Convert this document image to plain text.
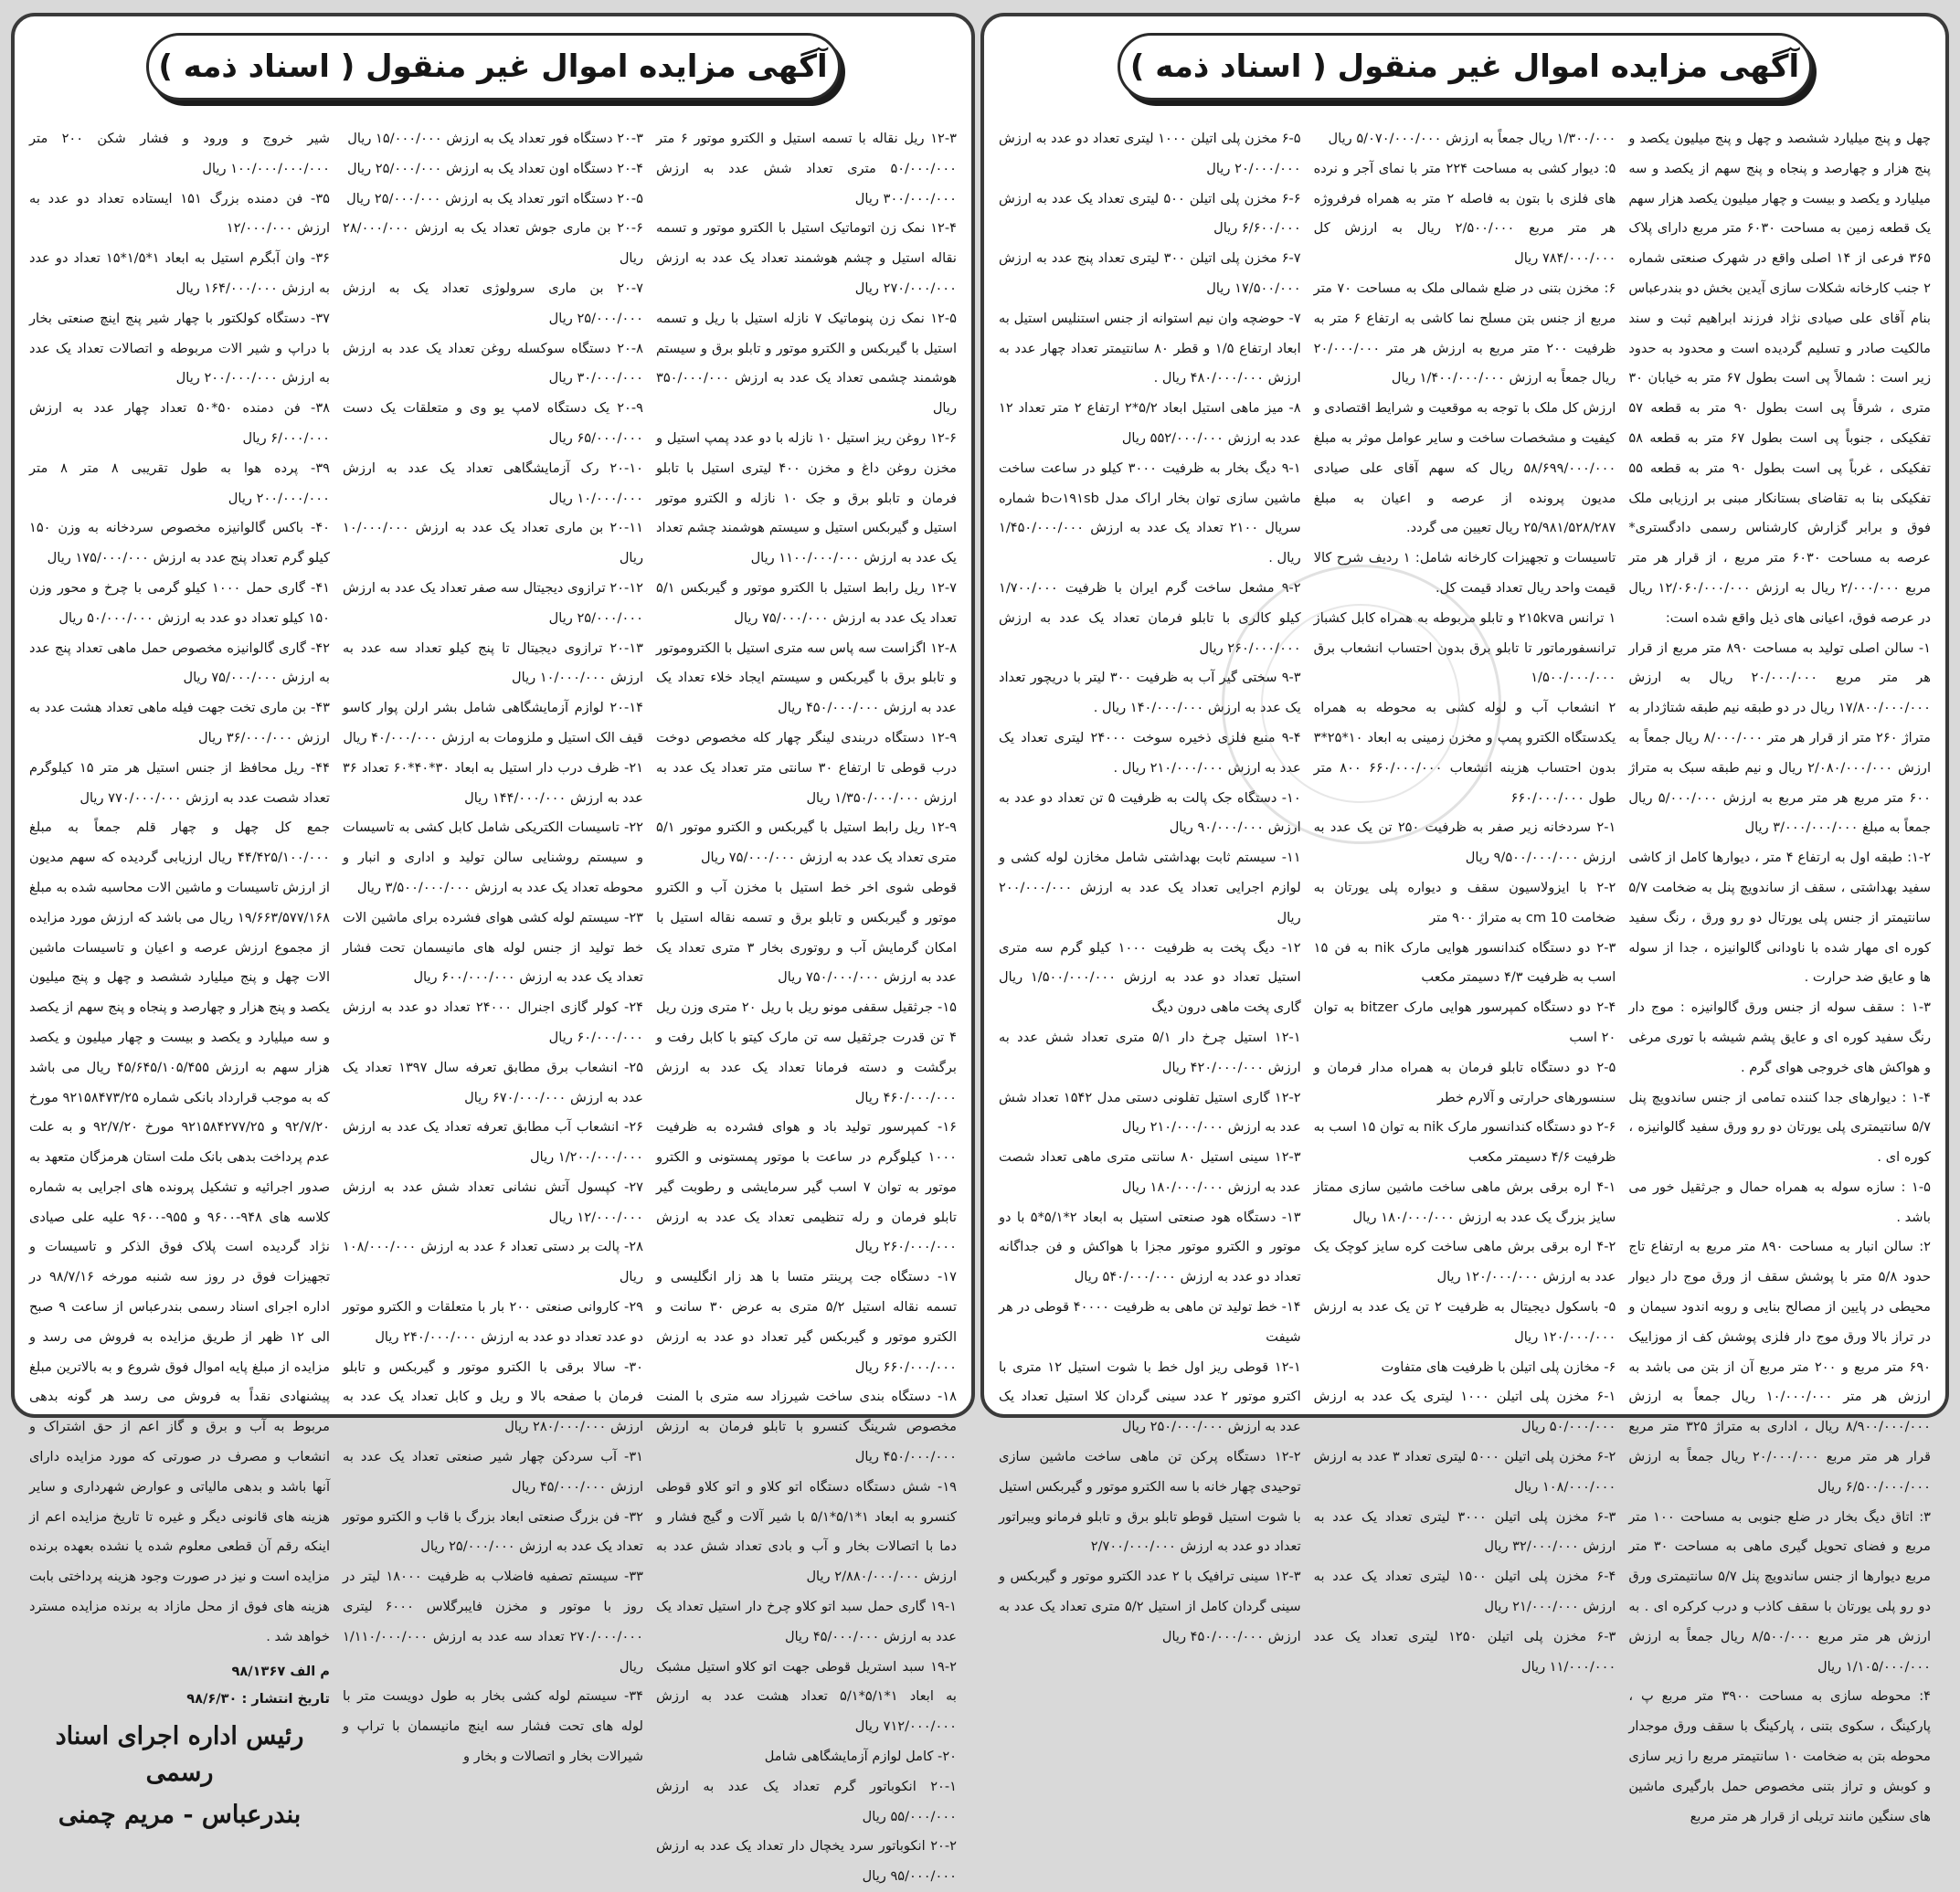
آگهی مزایده اموال غیر منقول ( اسناد ذمه )

چهل و پنج میلیارد ششصد و چهل و پنج میلیون یکصد و پنج هزار و چهارصد و پنجاه و پنج سهم از یکصد و سه میلیارد و یکصد و بیست و چهار میلیون یکصد هزار سهم یک قطعه زمین به مساحت ۶۰۳۰ متر مربع دارای پلاک ۳۶۵ فرعی از ۱۴ اصلی واقع در شهرک صنعتی شماره ۲ جنب کارخانه شکلات سازی آیدین بخش دو بندرعباس بنام آقای علی صیادی نژاد فرزند ابراهیم ثبت و سند مالکیت صادر و تسلیم گردیده است و محدود به حدود زیر است : شمالاً پی است بطول ۶۷ متر به خیابان ۳۰ متری ، شرقاً پی است بطول ۹۰ متر به قطعه ۵۷ تفکیکی ، جنوباً پی است بطول ۶۷ متر به قطعه ۵۸ تفکیکی ، غرباً پی است بطول ۹۰ متر به قطعه ۵۵ تفکیکی بنا به تقاضای بستانکار مبنی بر ارزیابی ملک فوق و برابر گزارش کارشناس رسمی دادگستری* عرصه به مساحت ۶۰۳۰ متر مربع ، از قرار هر متر مربع ۲/۰۰۰/۰۰۰ ریال به ارزش ۱۲/۰۶۰/۰۰۰/۰۰۰ ریال در عرصه فوق، اعیانی های ذیل واقع شده است:

۱- سالن اصلی تولید به مساحت ۸۹۰ متر مربع از قرار هر متر مربع ۲۰/۰۰۰/۰۰۰ ریال به ارزش ۱۷/۸۰۰/۰۰۰/۰۰۰ ریال در دو طبقه نیم طبقه شتاژدار به متراژ ۲۶۰ متر از قرار هر متر ۸/۰۰۰/۰۰۰ ریال جمعاً به ارزش ۲/۰۸۰/۰۰۰/۰۰۰ ریال و نیم طبقه سبک به متراژ ۶۰۰ متر مربع هر متر مربع به ارزش ۵/۰۰۰/۰۰۰ ریال جمعاً به مبلغ ۳/۰۰۰/۰۰۰/۰۰۰ ریال

۱-۲: طبقه اول به ارتفاع ۴ متر ، دیوارها کامل از کاشی سفید بهداشتی ، سقف از ساندویچ پنل به ضخامت ۵/۷ سانتیمتر از جنس پلی یورتال دو رو ورق ، رنگ سفید کوره ای مهار شده با ناودانی گالوانیزه ، جدا از سوله ها و عایق ضد حرارت .

۱-۳ : سقف سوله از جنس ورق گالوانیزه : موج دار رنگ سفید کوره ای و عایق پشم شیشه با توری مرغی و هواکش های خروجی هوای گرم .

۱-۴ : دیوارهای جدا کننده تمامی از جنس ساندویچ پنل ۵/۷ سانتیمتری پلی یورتان دو رو ورق سفید گالوانیزه ، کوره ای .

۱-۵ : سازه سوله به همراه حمال و جرثقیل خور می باشد .

۲: سالن انبار به مساحت ۸۹۰ متر مربع به ارتفاع تاج حدود ۵/۸ متر با پوشش سقف از ورق موج دار دیوار محیطی در پایین از مصالح بنایی و روبه اندود سیمان و در تراز بالا ورق موج دار فلزی پوشش کف از موزاییک ۶۹۰ متر مربع و ۲۰۰ متر مربع آن از بتن می باشد به ارزش هر متر ۱۰/۰۰۰/۰۰۰ ریال جمعاً به ارزش ۸/۹۰۰/۰۰۰/۰۰۰ ریال ، اداری به متراژ ۳۲۵ متر مربع قرار هر متر مربع ۲۰/۰۰۰/۰۰۰ ریال جمعاً به ارزش ۶/۵۰۰/۰۰۰/۰۰۰ ریال

۳: اتاق دیگ بخار در ضلع جنوبی به مساحت ۱۰۰ متر مربع و فضای تحویل گیری ماهی به مساحت ۳۰ متر مربع دیوارها از جنس ساندویچ پنل ۵/۷ سانتیمتری ورق دو رو پلی یورتان با سقف کاذب و درب کرکره ای . به ارزش هر متر مربع ۸/۵۰۰/۰۰۰ ریال جمعاً به ارزش ۱/۱۰۵/۰۰۰/۰۰۰ ریال

۴: محوطه سازی به مساحت ۳۹۰۰ متر مربع پ ، پارکینگ ، سکوی بتنی ، پارکینگ با سقف ورق موجدار محوطه بتن به ضخامت ۱۰ سانتیمتر مربع را زیر سازی و کوبش و تراز بتنی مخصوص حمل بارگیری ماشین های سنگین مانند تریلی از قرار هر متر مربع

۱/۳۰۰/۰۰۰ ریال جمعاً به ارزش ۵/۰۷۰/۰۰۰/۰۰۰ ریال

۵: دیوار کشی به مساحت ۲۲۴ متر با نمای آجر و نرده های فلزی با بتون به فاصله ۲ متر به همراه فرفروژه هر متر مربع ۲/۵۰۰/۰۰۰ ریال به ارزش کل ۷۸۴/۰۰۰/۰۰۰ ریال

۶: مخزن بتنی در ضلع شمالی ملک به مساحت ۷۰ متر مربع از جنس بتن مسلح نما کاشی به ارتفاع ۶ متر به ظرفیت ۲۰۰ متر مربع به ارزش هر متر ۲۰/۰۰۰/۰۰۰ ریال جمعاً به ارزش ۱/۴۰۰/۰۰۰/۰۰۰ ریال

ارزش کل ملک با توجه به موقعیت و شرایط اقتصادی و کیفیت و مشخصات ساخت و سایر عوامل موثر به مبلغ ۵۸/۶۹۹/۰۰۰/۰۰۰ ریال که سهم آقای علی صیادی مدیون پرونده از عرصه و اعیان به مبلغ ۲۵/۹۸۱/۵۲۸/۲۸۷ ریال تعیین می گردد.

تاسیسات و تجهیزات کارخانه شامل: ۱ ردیف شرح کالا قیمت واحد ریال تعداد قیمت کل.

۱ ترانس ۲۱۵kva و تابلو مربوطه به همراه کابل کشباز ترانسفورماتور تا تابلو برق بدون احتساب انشعاب برق ۱/۵۰۰/۰۰۰/۰۰۰

۲ انشعاب آب و لوله کشی به محوطه به همراه یکدستگاه الکترو پمپ و مخزن زمینی به ابعاد ۱۰*۲۵*۳ بدون احتساب هزینه انشعاب ۶۶۰/۰۰۰/۰۰۰ ۸۰۰ متر طول ۶۶۰/۰۰۰/۰۰۰

۲-۱ سردخانه زیر صفر به ظرفیت ۲۵۰ تن یک عدد به ارزش ۹/۵۰۰/۰۰۰/۰۰۰ ریال

۲-۲ با ایزولاسیون سقف و دیواره پلی یورتان به ضخامت 10 cm به متراژ ۹۰۰ متر

۲-۳ دو دستگاه کندانسور هوایی مارک nik به فن ۱۵ اسب به ظرفیت ۴/۳ دسیمتر مکعب

۲-۴ دو دستگاه کمپرسور هوایی مارک bitzer به توان ۲۰ اسب

۲-۵ دو دستگاه تابلو فرمان به همراه مدار فرمان و سنسورهای حرارتی و آلارم خطر

۲-۶ دو دستگاه کندانسور مارک nik به توان ۱۵ اسب به ظرفیت ۴/۶ دسیمتر مکعب

۴-۱ اره برقی برش ماهی ساخت ماشین سازی ممتاز سایز بزرگ یک عدد به ارزش ۱۸۰/۰۰۰/۰۰۰ ریال

۴-۲ اره برقی برش ماهی ساخت کره سایز کوچک یک عدد به ارزش ۱۲۰/۰۰۰/۰۰۰ ریال

۵- باسکول دیجیتال به ظرفیت ۲ تن یک عدد به ارزش ۱۲۰/۰۰۰/۰۰۰ ریال

۶- مخازن پلی اتیلن با ظرفیت های متفاوت

۶-۱ مخزن پلی اتیلن ۱۰۰۰ لیتری یک عدد به ارزش ۵۰/۰۰۰/۰۰۰ ریال

۶-۲ مخزن پلی اتیلن ۵۰۰۰ لیتری تعداد ۳ عدد به ارزش ۱۰۸/۰۰۰/۰۰۰ ریال

۶-۳ مخزن پلی اتیلن ۳۰۰۰ لیتری تعداد یک عدد به ارزش ۳۲/۰۰۰/۰۰۰ ریال

۶-۴ مخزن پلی اتیلن ۱۵۰۰ لیتری تعداد یک عدد به ارزش ۲۱/۰۰۰/۰۰۰ ریال

۶-۳ مخزن پلی اتیلن ۱۲۵۰ لیتری تعداد یک عدد ۱۱/۰۰۰/۰۰۰ ریال

۶-۵ مخزن پلی اتیلن ۱۰۰۰ لیتری تعداد دو عدد به ارزش ۲۰/۰۰۰/۰۰۰ ریال

۶-۶ مخزن پلی اتیلن ۵۰۰ لیتری تعداد یک عدد به ارزش ۶/۶۰۰/۰۰۰ ریال

۶-۷ مخزن پلی اتیلن ۳۰۰ لیتری تعداد پنج عدد به ارزش ۱۷/۵۰۰/۰۰۰ ریال

۷- حوضچه وان نیم استوانه از جنس استنلیس استیل به ابعاد ارتفاع ۱/۵ و قطر ۸۰ سانتیمتر تعداد چهار عدد به ارزش ۴۸۰/۰۰۰/۰۰۰ ریال .

۸- میز ماهی استیل ابعاد ۵/۲*۲ ارتفاع ۲ متر تعداد ۱۲ عدد به ارزش ۵۵۲/۰۰۰/۰۰۰ ریال

۹-۱ دیگ بخار به ظرفیت ۳۰۰۰ کیلو در ساعت ساخت ماشین سازی توان بخار اراک مدل ۱۹۱sbتb شماره سریال ۲۱۰۰ تعداد یک عدد به ارزش ۱/۴۵۰/۰۰۰/۰۰۰ ریال .

۹-۲ مشعل ساخت گرم ایران با ظرفیت ۱/۷۰۰/۰۰۰ کیلو کالری با تابلو فرمان تعداد یک عدد به ارزش ۲۶۰/۰۰۰/۰۰۰ ریال

۹-۳ سختی گیر آب به ظرفیت ۳۰۰ لیتر با دریچور تعداد یک عدد به ارزش ۱۴۰/۰۰۰/۰۰۰ ریال .

۹-۴ منبع فلزی ذخیره سوخت ۲۴۰۰۰ لیتری تعداد یک عدد به ارزش ۲۱۰/۰۰۰/۰۰۰ ریال .

۱۰- دستگاه جک پالت به ظرفیت ۵ تن تعداد دو عدد به ارزش ۹۰/۰۰۰/۰۰۰ ریال

۱۱- سیستم ثابت بهداشتی شامل مخازن لوله کشی و لوازم اجرایی تعداد یک عدد به ارزش ۲۰۰/۰۰۰/۰۰۰ ریال

۱۲- دیگ پخت به ظرفیت ۱۰۰۰ کیلو گرم سه متری استیل تعداد دو عدد به ارزش ۱/۵۰۰/۰۰۰/۰۰۰ ریال گاری پخت ماهی درون دیگ

۱۲-۱ استیل چرخ دار ۵/۱ متری تعداد شش عدد به ارزش ۴۲۰/۰۰۰/۰۰۰ ریال

۱۲-۲ گاری استیل تفلونی دستی مدل ۱۵۴۲ تعداد شش عدد به ارزش ۲۱۰/۰۰۰/۰۰۰ ریال

۱۲-۳ سینی استیل ۸۰ سانتی متری ماهی تعداد شصت عدد به ارزش ۱۸۰/۰۰۰/۰۰۰ ریال

۱۳- دستگاه هود صنعتی استیل به ابعاد ۲*۵/۱*۵ با دو موتور و الکترو موتور مجزا با هواکش و فن جداگانه تعداد دو عدد به ارزش ۵۴۰/۰۰۰/۰۰۰ ریال

۱۴- خط تولید تن ماهی به ظرفیت ۴۰۰۰۰ قوطی در هر شیفت

۱۲-۱ قوطی ریز اول خط با شوت استیل ۱۲ متری با اکترو موتور ۲ عدد سینی گردان کلا استیل تعداد یک عدد به ارزش ۲۵۰/۰۰۰/۰۰۰ ریال

۱۲-۲ دستگاه پرکن تن ماهی ساخت ماشین سازی توحیدی چهار خانه با سه الکترو موتور و گیربکس استیل با شوت استیل قوطو تابلو برق و تابلو فرمانو ویبراتور تعداد دو عدد به ارزش ۲/۷۰۰/۰۰۰/۰۰۰

۱۲-۳ سینی ترافیک با ۲ عدد الکترو موتور و گیربکس و سینی گردان کامل از استیل ۵/۲ متری تعداد یک عدد به ارزش ۴۵۰/۰۰۰/۰۰۰ ریال

آگهی مزایده اموال غیر منقول ( اسناد ذمه )

۱۲-۳ ریل نقاله با تسمه استیل و الکترو موتور ۶ متر ۵۰/۰۰۰/۰۰۰ متری تعداد شش عدد به ارزش ۳۰۰/۰۰۰/۰۰۰ ریال

۱۲-۴ نمک زن اتوماتیک استیل با الکترو موتور و تسمه نقاله استیل و چشم هوشمند تعداد یک عدد به ارزش ۲۷۰/۰۰۰/۰۰۰ ریال

۱۲-۵ نمک زن پنوماتیک ۷ نازله استیل با ریل و تسمه استیل با گیربکس و الکترو موتور و تابلو برق و سیستم هوشمند چشمی تعداد یک عدد به ارزش ۳۵۰/۰۰۰/۰۰۰ ریال

۱۲-۶ روغن ریز استیل ۱۰ نازله با دو عدد پمپ استیل و مخزن روغن داغ و مخزن ۴۰۰ لیتری استیل با تابلو فرمان و تابلو برق و جک ۱۰ نازله و الکترو موتور استیل و گیربکس استیل و سیستم هوشمند چشم تعداد یک عدد به ارزش ۱۱۰۰/۰۰۰/۰۰۰ ریال

۱۲-۷ ریل رابط استیل با الکترو موتور و گیربکس ۵/۱ تعداد یک عدد به ارزش ۷۵/۰۰۰/۰۰۰ ریال

۱۲-۸ اگزاست سه پاس سه متری استیل با الکتروموتور و تابلو برق با گیربکس و سیستم ایجاد خلاء تعداد یک عدد به ارزش ۴۵۰/۰۰۰/۰۰۰ ریال

۱۲-۹ دستگاه دربندی لینگر چهار کله مخصوص دوخت درب قوطی تا ارتفاع ۳۰ سانتی متر تعداد یک عدد به ارزش ۱/۳۵۰/۰۰۰/۰۰۰ ریال

۱۲-۹ ریل رابط استیل با گیربکس و الکترو موتور ۵/۱ متری تعداد یک عدد به ارزش ۷۵/۰۰۰/۰۰۰ ریال

قوطی شوی اخر خط استیل با مخزن آب و الکترو موتور و گیربکس و تابلو برق و تسمه نقاله استیل با امکان گرمایش آب و روتوری بخار ۳ متری تعداد یک عدد به ارزش ۷۵۰/۰۰۰/۰۰۰ ریال

۱۵- جرثقیل سقفی مونو ریل با ریل ۲۰ متری وزن ریل ۴ تن قدرت جرثقیل سه تن مارک کیتو با کابل رفت و برگشت و دسته فرمانا تعداد یک عدد به ارزش ۴۶۰/۰۰۰/۰۰۰ ریال

۱۶- کمپرسور تولید باد و هوای فشرده به ظرفیت ۱۰۰۰ کیلوگرم در ساعت با موتور پمستونی و الکترو موتور به توان ۷ اسب گیر سرمایشی و رطوبت گیر تابلو فرمان و رله تنظیمی تعداد یک عدد به ارزش ۲۶۰/۰۰۰/۰۰۰ ریال

۱۷- دستگاه جت پرینتر متسا با هد زار انگلیسی و تسمه نقاله استیل ۵/۲ متری به عرض ۳۰ سانت و الکترو موتور و گیربکس گیر تعداد دو عدد به ارزش ۶۶۰/۰۰۰/۰۰۰ ریال

۱۸- دستگاه بندی ساخت شیرزاد سه متری با المنت مخصوص شرینگ کنسرو با تابلو فرمان به ارزش ۴۵۰/۰۰۰/۰۰۰ ریال

۱۹- شش دستگاه دستگاه اتو کلاو و اتو کلاو قوطی کنسرو به ابعاد ۱*۵/۱*۵/۱ با شیر آلات و گیج فشار و دما با اتصالات بخار و آب و بادی تعداد شش عدد به ارزش ۲/۸۸۰/۰۰۰/۰۰۰ ریال

۱۹-۱ گاری حمل سبد اتو کلاو چرخ دار استیل تعداد یک عدد به ارزش ۴۵/۰۰۰/۰۰۰ ریال

۱۹-۲ سبد استریل قوطی جهت اتو کلاو استیل مشبک به ابعاد ۱*۵/۱*۵/۱ تعداد هشت عدد به ارزش ۷۱۲/۰۰۰/۰۰۰ ریال

۲۰- کامل لوازم آزمایشگاهی شامل

۲۰-۱ انکوباتور گرم تعداد یک عدد به ارزش ۵۵/۰۰۰/۰۰۰ ریال

۲۰-۲ انکوباتور سرد یخچال دار تعداد یک عدد به ارزش ۹۵/۰۰۰/۰۰۰ ریال

۲۰-۳ دستگاه فور تعداد یک به ارزش ۱۵/۰۰۰/۰۰۰ ریال

۲۰-۴ دستگاه اون تعداد یک به ارزش ۲۵/۰۰۰/۰۰۰ ریال

۲۰-۵ دستگاه اتور تعداد یک به ارزش ۲۵/۰۰۰/۰۰۰ ریال

۲۰-۶ بن ماری جوش تعداد یک به ارزش ۲۸/۰۰۰/۰۰۰ ریال

۲۰-۷ بن ماری سرولوژی تعداد یک به ارزش ۲۵/۰۰۰/۰۰۰ ریال

۲۰-۸ دستگاه سوکسله روغن تعداد یک عدد به ارزش ۳۰/۰۰۰/۰۰۰ ریال

۲۰-۹ یک دستگاه لامپ یو وی و متعلقات یک دست ۶۵/۰۰۰/۰۰۰ ریال

۲۰-۱۰ رک آزمایشگاهی تعداد یک عدد به ارزش ۱۰/۰۰۰/۰۰۰ ریال

۲۰-۱۱ بن ماری تعداد یک عدد به ارزش ۱۰/۰۰۰/۰۰۰ ریال

۲۰-۱۲ ترازوی دیجیتال سه صفر تعداد یک عدد به ارزش ۲۵/۰۰۰/۰۰۰ ریال

۲۰-۱۳ ترازوی دیجیتال تا پنج کیلو تعداد سه عدد به ارزش ۱۰/۰۰۰/۰۰۰ ریال

۲۰-۱۴ لوازم آزمایشگاهی شامل بشر ارلن پوار کاسو قیف الک استیل و ملزومات به ارزش ۴۰/۰۰۰/۰۰۰ ریال

۲۱- ظرف درب دار استیل به ابعاد ۳۰*۴۰*۶۰ تعداد ۳۶ عدد به ارزش ۱۴۴/۰۰۰/۰۰۰ ریال

۲۲- تاسیسات الکتریکی شامل کابل کشی به تاسیسات و سیستم روشنایی سالن تولید و اداری و انبار و محوطه تعداد یک عدد به ارزش ۳/۵۰۰/۰۰۰/۰۰۰ ریال

۲۳- سیستم لوله کشی هوای فشرده برای ماشین الات خط تولید از جنس لوله های مانیسمان تحت فشار تعداد یک عدد به ارزش ۶۰۰/۰۰۰/۰۰۰ ریال

۲۴- کولر گازی اجنرال ۲۴۰۰۰ تعداد دو عدد به ارزش ۶۰/۰۰۰/۰۰۰ ریال

۲۵- انشعاب برق مطابق تعرفه سال ۱۳۹۷ تعداد یک عدد به ارزش ۶۷۰/۰۰۰/۰۰۰ ریال

۲۶- انشعاب آب مطابق تعرفه تعداد یک عدد به ارزش ۱/۲۰۰/۰۰۰/۰۰۰ ریال

۲۷- کپسول آتش نشانی تعداد شش عدد به ارزش ۱۲/۰۰۰/۰۰۰ ریال

۲۸- پالت بر دستی تعداد ۶ عدد به ارزش ۱۰۸/۰۰۰/۰۰۰ ریال

۲۹- کاروانی صنعتی ۲۰۰ بار با متعلقات و الکترو موتور دو عدد تعداد دو عدد به ارزش ۲۴۰/۰۰۰/۰۰۰ ریال

۳۰- سالا برقی با الکترو موتور و گیربکس و تابلو فرمان با صفحه بالا و ریل و کابل تعداد یک عدد به ارزش ۲۸۰/۰۰۰/۰۰۰ ریال

۳۱- آب سردکن چهار شیر صنعتی تعداد یک عدد به ارزش ۴۵/۰۰۰/۰۰۰ ریال

۳۲- فن بزرگ صنعتی ابعاد بزرگ با قاب و الکترو موتور تعداد یک عدد به ارزش ۲۵/۰۰۰/۰۰۰ ریال

۳۳- سیستم تصفیه فاضلاب به ظرفیت ۱۸۰۰۰ لیتر در روز با موتور و مخزن فایبرگلاس ۶۰۰۰ لیتری ۲۷۰/۰۰۰/۰۰۰ تعداد سه عدد به ارزش ۱/۱۱۰/۰۰۰/۰۰۰ ریال

۳۴- سیستم لوله کشی بخار به طول دویست متر با لوله های تحت فشار سه اینچ مانیسمان با تراپ و شیرالات بخار و اتصالات و بخار و

شیر خروج و ورود و فشار شکن ۲۰۰ متر ۱۰۰/۰۰۰/۰۰۰/۰۰۰ ریال

۳۵- فن دمنده بزرگ ۱۵۱ ایستاده تعداد دو عدد به ارزش ۱۲/۰۰۰/۰۰۰

۳۶- وان آبگرم استیل به ابعاد ۱*۱/۵*۱۵ تعداد دو عدد به ارزش ۱۶۴/۰۰۰/۰۰۰ ریال

۳۷- دستگاه کولکتور با چهار شیر پنج اینچ صنعتی بخار با دراپ و شیر الات مربوطه و اتصالات تعداد یک عدد به ارزش ۲۰۰/۰۰۰/۰۰۰ ریال

۳۸- فن دمنده ۵۰*۵۰ تعداد چهار عدد به ارزش ۶/۰۰۰/۰۰۰ ریال

۳۹- پرده هوا به طول تقریبی ۸ متر ۸ متر ۲۰۰/۰۰۰/۰۰۰ ریال

۴۰- باکس گالوانیزه مخصوص سردخانه به وزن ۱۵۰ کیلو گرم تعداد پنج عدد به ارزش ۱۷۵/۰۰۰/۰۰۰ ریال

۴۱- گاری حمل ۱۰۰۰ کیلو گرمی با چرخ و محور وزن ۱۵۰ کیلو تعداد دو عدد به ارزش ۵۰/۰۰۰/۰۰۰ ریال

۴۲- گاری گالوانیزه مخصوص حمل ماهی تعداد پنج عدد به ارزش ۷۵/۰۰۰/۰۰۰ ریال

۴۳- بن ماری تخت جهت فیله ماهی تعداد هشت عدد به ارزش ۳۶/۰۰۰/۰۰۰ ریال

۴۴- ریل محافظ از جنس استیل هر متر ۱۵ کیلوگرم تعداد شصت عدد به ارزش ۷۷۰/۰۰۰/۰۰۰ ریال

جمع کل چهل و چهار قلم جمعاً به مبلغ ۴۴/۴۲۵/۱۰۰/۰۰۰ ریال ارزیابی گردیده که سهم مدیون از ارزش تاسیسات و ماشین الات محاسبه شده به مبلغ ۱۹/۶۶۳/۵۷۷/۱۶۸ ریال می باشد که ارزش مورد مزایده از مجموع ارزش عرصه و اعیان و تاسیسات ماشین الات چهل و پنج میلیارد ششصد و چهل و پنج میلیون یکصد و پنج هزار و چهارصد و پنجاه و پنج سهم از یکصد و سه میلیارد و یکصد و بیست و چهار میلیون و یکصد هزار سهم به ارزش ۴۵/۶۴۵/۱۰۵/۴۵۵ ریال می باشد که به موجب قرارداد بانکی شماره ۹۲۱۵۸۴۷۳/۲۵ مورخ ۹۲/۷/۲۰ و ۹۲۱۵۸۴۲۷۷/۲۵ مورخ ۹۲/۷/۲۰ و به علت عدم پرداخت بدهی بانک ملت استان هرمزگان متعهد به صدور اجرائیه و تشکیل پرونده های اجرایی به شماره کلاسه های ۹۴۸-۹۶۰۰ و ۹۵۵-۹۶۰۰ علیه علی صیادی نژاد گردیده است پلاک فوق الذکر و تاسیسات و تجهیزات فوق در روز سه شنبه مورخه ۹۸/۷/۱۶ در اداره اجرای اسناد رسمی بندرعباس از ساعت ۹ صبح الی ۱۲ ظهر از طریق مزایده به فروش می رسد و مزایده از مبلغ پایه اموال فوق شروع و به بالاترین مبلغ پیشنهادی نقداً به فروش می رسد هر گونه بدهی مربوط به آب و برق و گاز اعم از حق اشتراک و انشعاب و مصرف در صورتی که مورد مزایده دارای آنها باشد و بدهی مالیاتی و عوارض شهرداری و سایر هزینه های قانونی دیگر و غیره تا تاریخ مزایده اعم از اینکه رقم آن قطعی معلوم شده یا نشده بعهده برنده مزایده است و نیز در صورت وجود هزینه پرداختی بابت هزینه های فوق از محل مازاد به برنده مزایده مسترد خواهد شد .

م الف ۹۸/۱۳۶۷
تاریخ انتشار : ۹۸/۶/۳۰
رئیس اداره اجرای اسناد رسمی
بندرعباس - مریم چمنی
